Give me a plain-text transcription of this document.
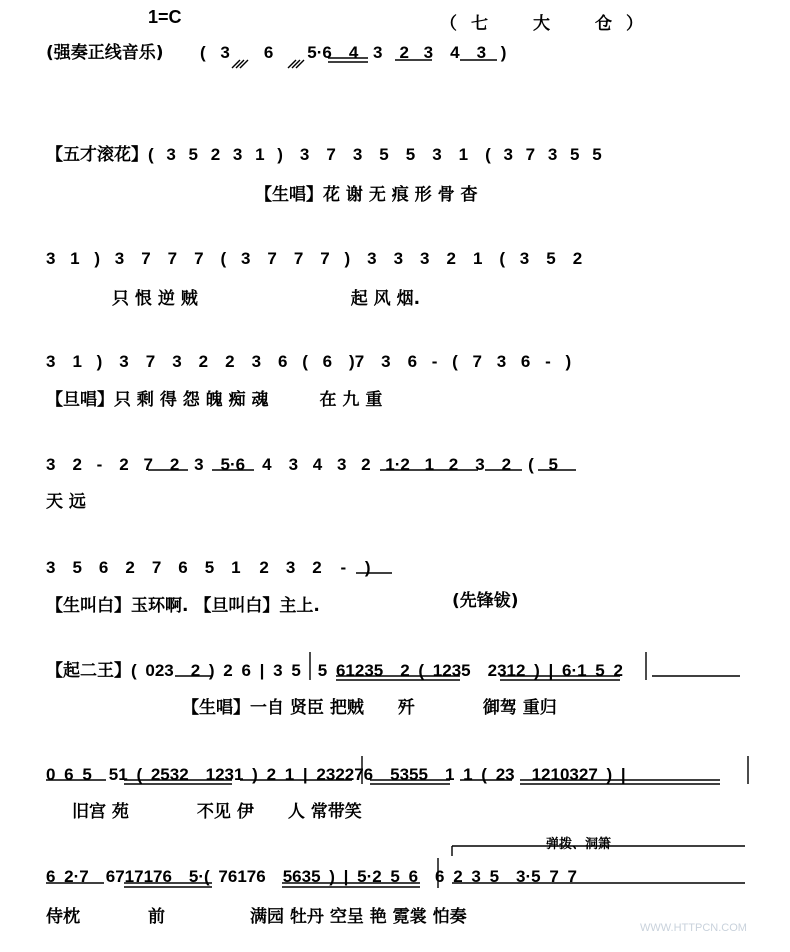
1=C	（七　大　仓）
(强奏正线音乐) ( 3　　6　　5·6　4 3　2 3　4　3 )
【五才滚花】( 3 5 2 3 1 )　3　7　3　5　5　3　1　( 3 7 3 5 5
【生唱】花 谢 无 痕 形 骨 杳
3 1 ) 3　7　7　7　( 3　7　7　7 )　3　3　3　2　1　( 3　5　2
只 恨 逆 贼　　　　　　　　　起 风 烟.
3　1 )　3　7　3　2　2　3　6 ( 6　)7　3　6 - ( 7 3 6 - )
【旦唱】只 剩 得 怨 魄 痴 魂　　　在 九 重
3　2 -　2 7　2 3　5·6　4　3 4 3 2 1·2 1 2　3　2　( 5
天 远
3　5　6　2　7　6　5　1 2　3　2 - )
【生叫白】玉环啊. 【旦叫白】主上.	(先锋钹)
【起二王】( 023　2 ) 2 6 | 3 5　5 61235　2 ( 1235　2312 ) | 6·1 5 2
【生唱】一自 贤臣 把贼　　歼　　　　御驾 重归
0 6 5　51 ( 2532　1231 ) 2 1 | 232276　5355　1 1 ( 23　1210327 ) |
旧宫 苑　　　　不见 伊　　人 常带笑
弹拨、洞箫
6 2·7　6717176　5·( 76176　5635 ) | 5·2 5 6　6 2 3 5　3·5 7 7
侍枕　　　　前　　　　　满园 牡丹 空呈 艳 霓裳 怕奏
WWW.HTTPCN.COM
